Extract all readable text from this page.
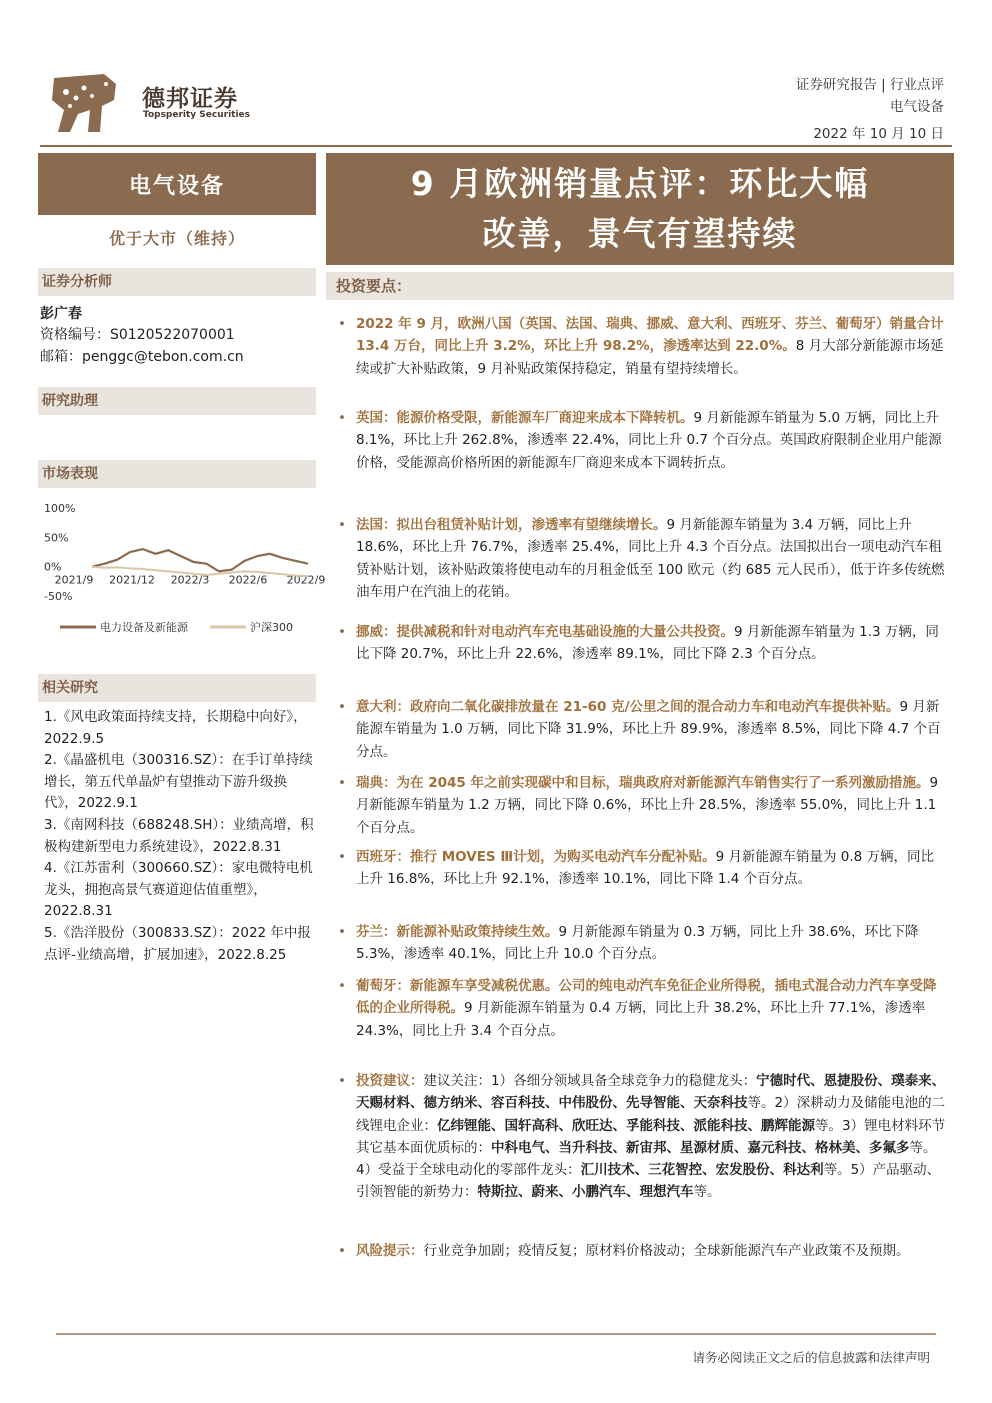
德邦证券
Topsperity Securities
证券研究报告 | 行业点评
电气设备
2022 年 10 月 10 日
电气设备
优于大市（维持）
证券分析师
彭广春
资格编号：S0120522070001
邮箱：penggc@tebon.com.cn
研究助理
市场表现
100%
50%
0%
-50%
2021/9 2021/12 2022/3 2022/6 2022/9
电力设备及新能源	沪深300
相关研究
1.《风电政策面持续支持，长期稳中向好》，2022.9.5
2.《晶盛机电（300316.SZ）：在手订单持续增长，第五代单晶炉有望推动下游升级换代》，2022.9.1
3.《南网科技（688248.SH）：业绩高增，积极构建新型电力系统建设》，2022.8.31
4.《江苏雷利（300660.SZ）：家电微特电机龙头，拥抱高景气赛道迎估值重塑》，2022.8.31
5.《浩洋股份（300833.SZ）：2022 年中报点评-业绩高增，扩展加速》，2022.8.25
9 月欧洲销量点评：环比大幅
改善，景气有望持续
投资要点：
• 2022 年 9 月，欧洲八国（英国、法国、瑞典、挪威、意大利、西班牙、芬兰、葡萄牙）销量合计 13.4 万台，同比上升 3.2%，环比上升 98.2%，渗透率达到 22.0%。8 月大部分新能源市场延续或扩大补贴政策，9 月补贴政策保持稳定，销量有望持续增长。
• 英国：能源价格受限，新能源车厂商迎来成本下降转机。9 月新能源车销量为 5.0 万辆，同比上升 8.1%，环比上升 262.8%，渗透率 22.4%，同比上升 0.7 个百分点。英国政府限制企业用户能源价格，受能源高价格所困的新能源车厂商迎来成本下调转折点。
• 法国：拟出台租赁补贴计划，渗透率有望继续增长。9 月新能源车销量为 3.4 万辆，同比上升 18.6%，环比上升 76.7%，渗透率 25.4%，同比上升 4.3 个百分点。法国拟出台一项电动汽车租赁补贴计划，该补贴政策将使电动车的月租金低至 100 欧元（约 685 元人民币），低于许多传统燃油车用户在汽油上的花销。
• 挪威：提供减税和针对电动汽车充电基础设施的大量公共投资。9 月新能源车销量为 1.3 万辆，同比下降 20.7%，环比上升 22.6%，渗透率 89.1%，同比下降 2.3 个百分点。
• 意大利：政府向二氧化碳排放量在 21-60 克/公里之间的混合动力车和电动汽车提供补贴。9 月新能源车销量为 1.0 万辆，同比下降 31.9%，环比上升 89.9%，渗透率 8.5%，同比下降 4.7 个百分点。
• 瑞典：为在 2045 年之前实现碳中和目标，瑞典政府对新能源汽车销售实行了一系列激励措施。9 月新能源车销量为 1.2 万辆，同比下降 0.6%，环比上升 28.5%，渗透率 55.0%，同比上升 1.1 个百分点。
• 西班牙：推行 MOVES Ⅲ计划，为购买电动汽车分配补贴。9 月新能源车销量为 0.8 万辆，同比上升 16.8%，环比上升 92.1%，渗透率 10.1%，同比下降 1.4 个百分点。
• 芬兰：新能源补贴政策持续生效。9 月新能源车销量为 0.3 万辆，同比上升 38.6%，环比下降 5.3%，渗透率 40.1%，同比上升 10.0 个百分点。
• 葡萄牙：新能源车享受减税优惠。公司的纯电动汽车免征企业所得税，插电式混合动力汽车享受降低的企业所得税。9 月新能源车销量为 0.4 万辆，同比上升 38.2%，环比上升 77.1%，渗透率 24.3%，同比上升 3.4 个百分点。
• 投资建议：建议关注：1）各细分领域具备全球竞争力的稳健龙头：宁德时代、恩捷股份、璞泰来、天赐材料、德方纳米、容百科技、中伟股份、先导智能、天奈科技等。2）深耕动力及储能电池的二线锂电企业：亿纬锂能、国轩高科、欣旺达、孚能科技、派能科技、鹏辉能源等。3）锂电材料环节其它基本面优质标的：中科电气、当升科技、新宙邦、星源材质、嘉元科技、格林美、多氟多等。4）受益于全球电动化的零部件龙头：汇川技术、三花智控、宏发股份、科达利等。5）产品驱动、引领智能的新势力：特斯拉、蔚来、小鹏汽车、理想汽车等。
• 风险提示：行业竞争加剧；疫情反复；原材料价格波动；全球新能源汽车产业政策不及预期。
请务必阅读正文之后的信息披露和法律声明
